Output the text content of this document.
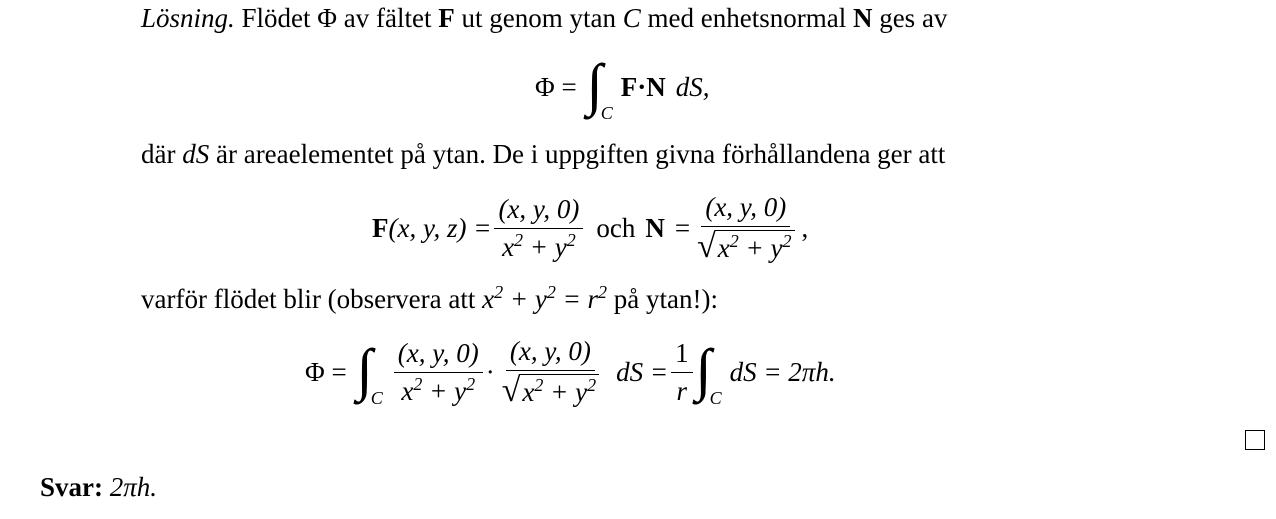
Lösning. Flödet Φ av fältet F ut genom ytan C med enhetsnormal N ges av
Φ =
C
F·N dS,
där dS är areaelementet på ytan. De i uppgiften givna förhållandena ger att
F (x, y, $z) = \frac{(x, y, 0)}{x^2 + y^2}$ och $N = \frac{(x, y, 0)}{√ x^2 + y^2}$ ,
varför flödet blir (observera att $x^2 + y^2 = r^2$ på ytan!):
Φ =
C $\frac{(x, y, 0)}{x^2 + y^2} \cdot \frac{(x, y, 0)}{√ x^2 + y^2}$ dS = $\frac{1}{r}$ C
dS = 2πh.
Svar: 2πh.
